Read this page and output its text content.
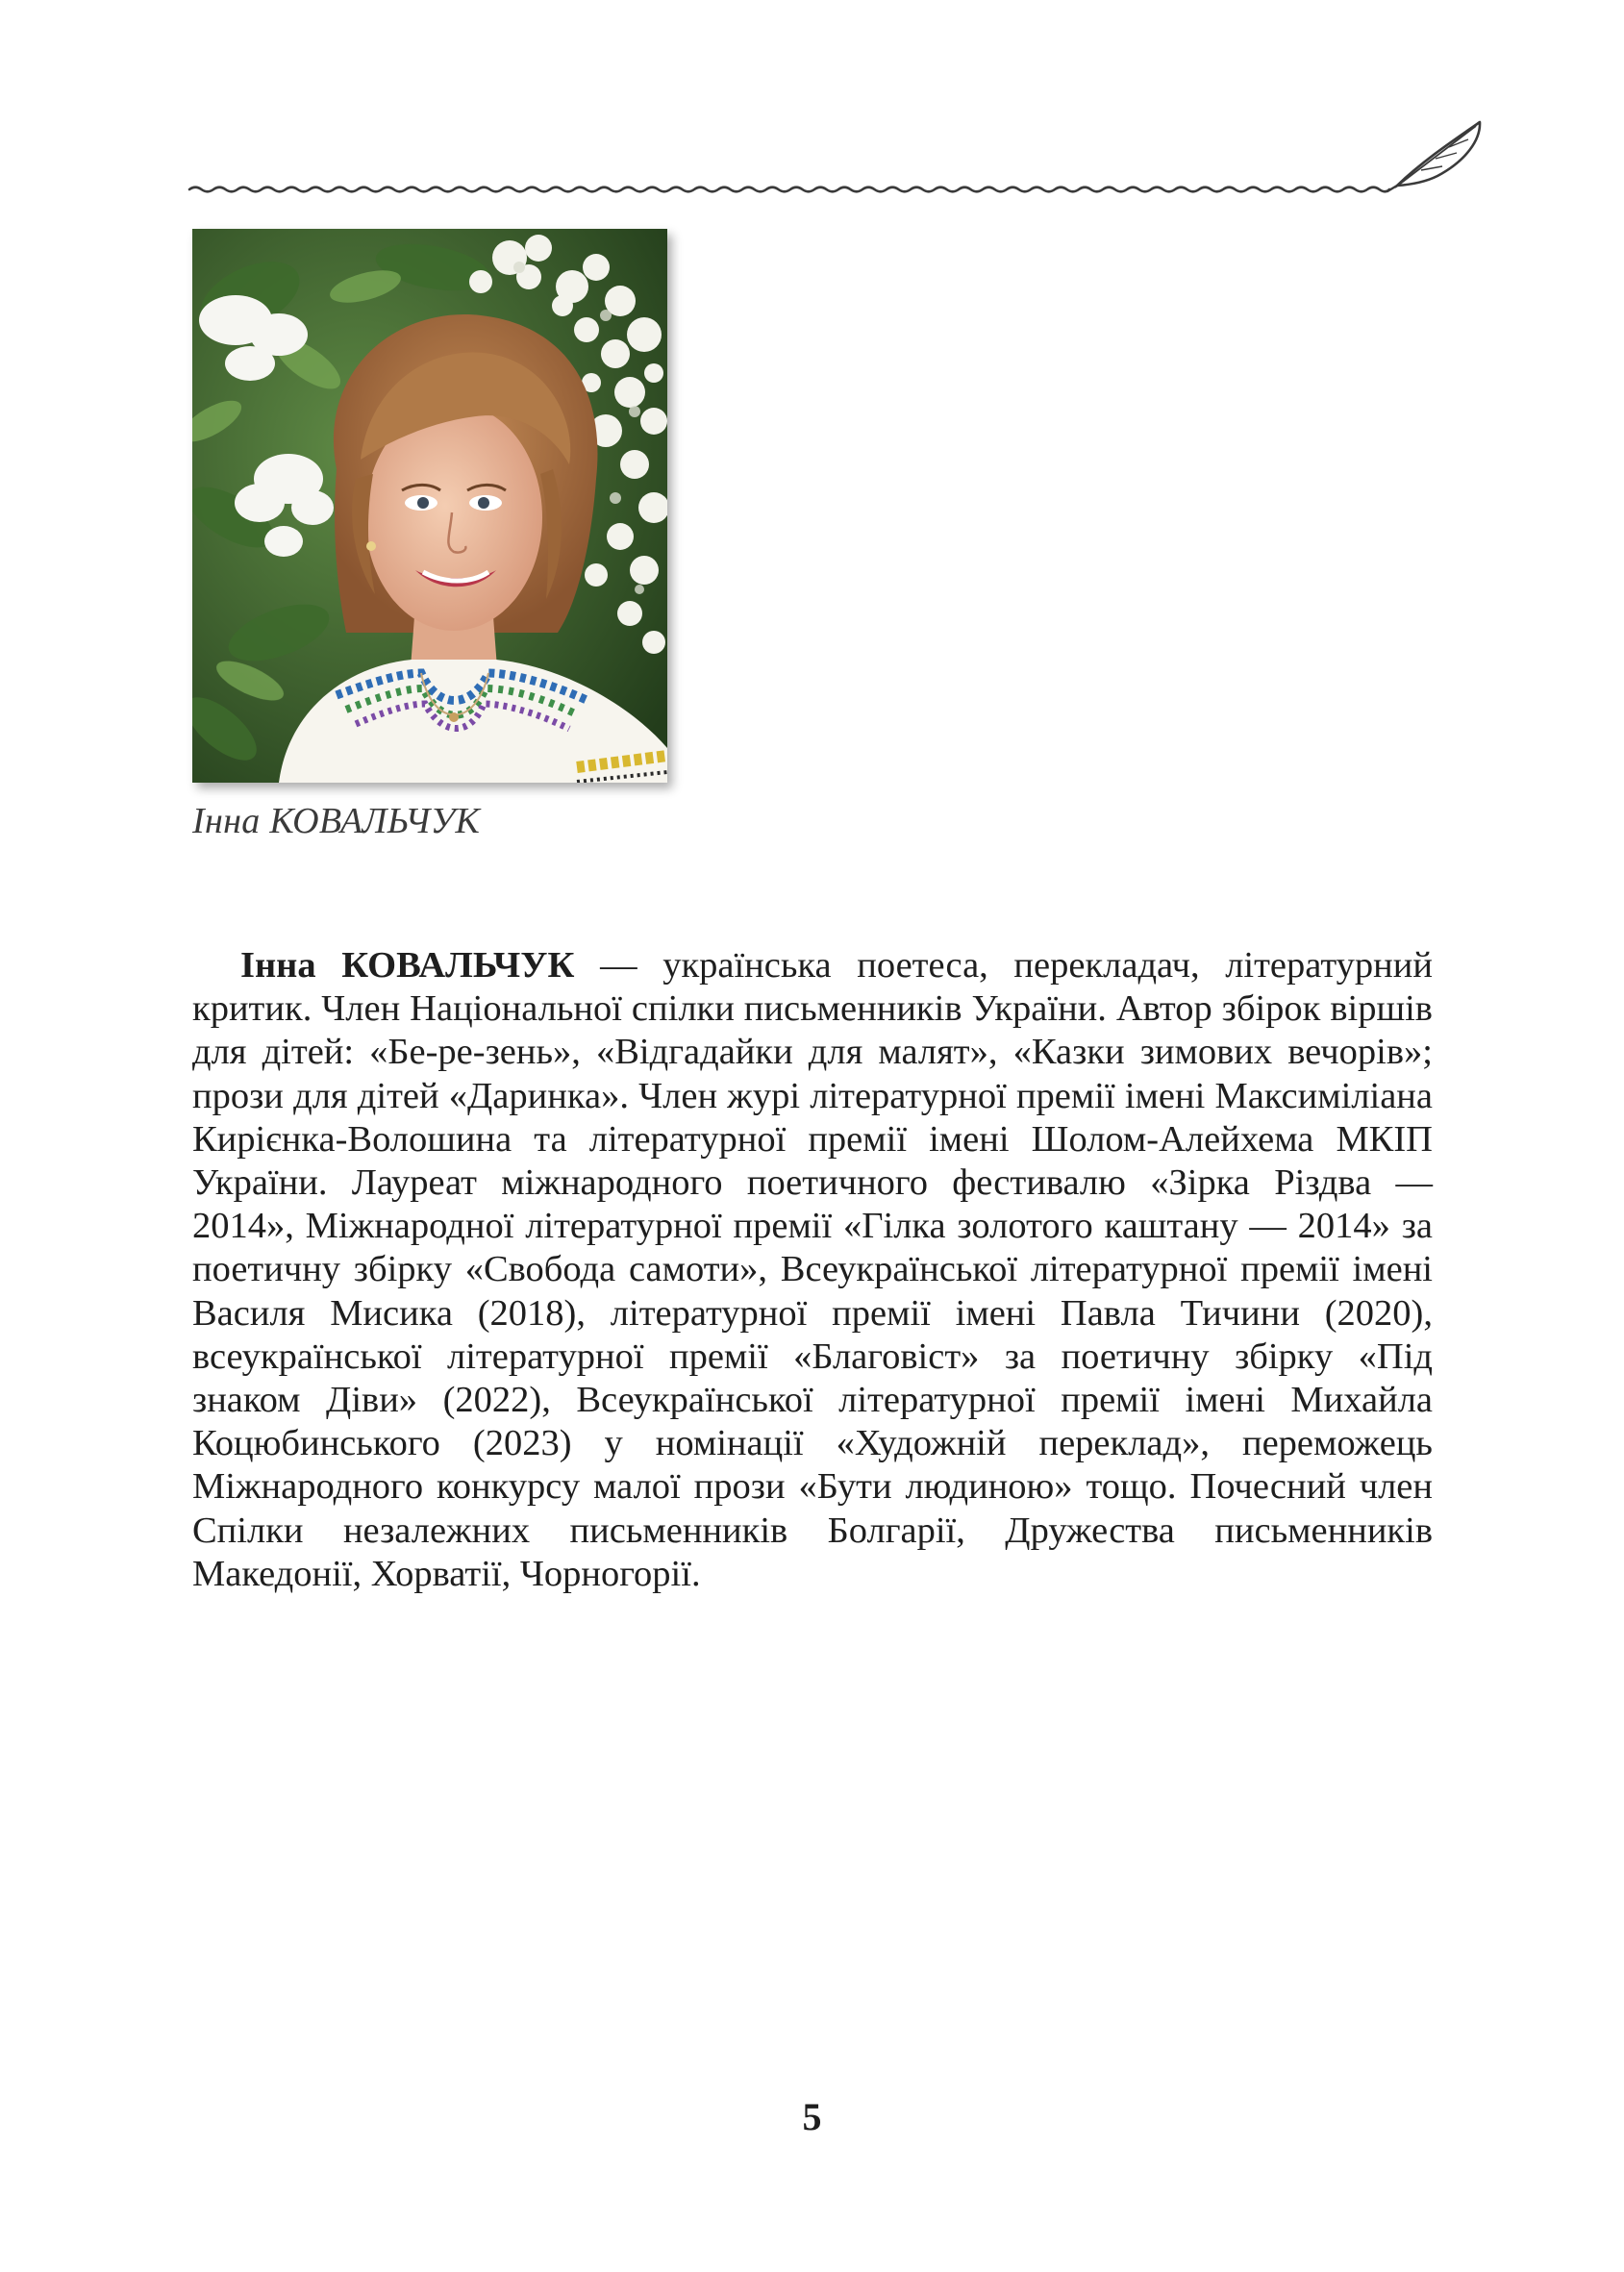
Інна КОВАЛЬЧУК

Інна КОВАЛЬЧУК — українська поетеса, перекладач, літературний критик. Член Національної спілки письменників України. Автор збірок віршів для дітей: «Бе-ре-зень», «Відгадайки для малят», «Казки зимових вечорів»; прози для дітей «Даринка». Член журі літературної премії імені Максиміліана Кирієнка-Волошина та літературної премії імені Шолом-Алейхема МКІП України. Лауреат міжнародного поетичного фестивалю «Зірка Різдва — 2014», Міжнародної літературної премії «Гілка золотого каштану — 2014» за поетичну збірку «Свобода самоти», Всеукраїнської літературної премії імені Василя Мисика (2018), літературної премії імені Павла Тичини (2020), всеукраїнської літературної премії «Благовіст» за поетичну збірку «Під знаком Діви» (2022), Всеукраїнської літературної премії імені Михайла Коцюбинського (2023) у номінації «Художній переклад», переможець Міжнародного конкурсу малої прози «Бути людиною» тощо. Почесний член Спілки незалежних письменників Болгарії, Дружества письменників Македонії, Хорватії, Чорногорії.

5
